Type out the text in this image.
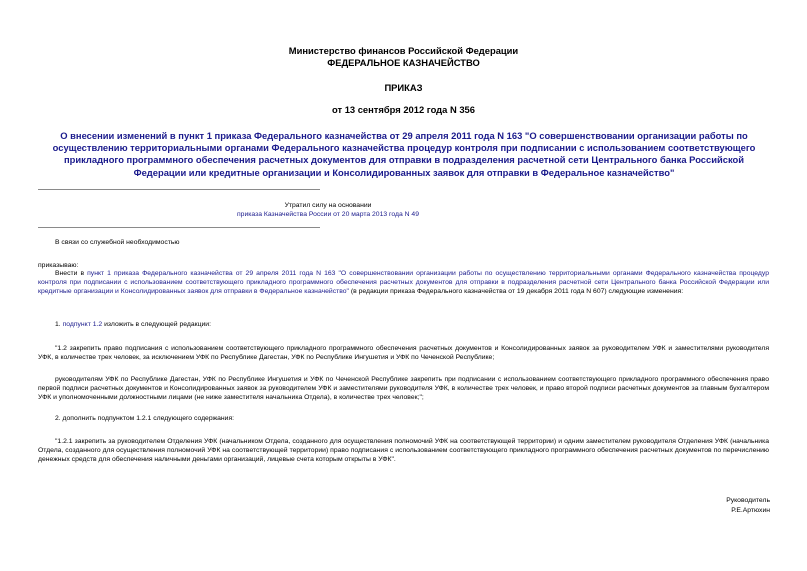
Министерство финансов Российской Федерации
ФЕДЕРАЛЬНОЕ КАЗНАЧЕЙСТВО
ПРИКАЗ
от 13 сентября 2012 года N 356
О внесении изменений в пункт 1 приказа Федерального казначейства от 29 апреля 2011 года N 163 "О совершенствовании организации работы по осуществлению территориальными органами Федерального казначейства процедур контроля при подписании с использованием соответствующего прикладного программного обеспечения расчетных документов для отправки в подразделения расчетной сети Центрального банка Российской Федерации или кредитные организации и Консолидированных заявок для отправки в Федеральное казначейство"
Утратил силу на основании
приказа Казначейства России от 20 марта 2013 года N 49
В связи со служебной необходимостью
приказываю:
Внести в пункт 1 приказа Федерального казначейства от 29 апреля 2011 года N 163 "О совершенствовании организации работы по осуществлению территориальными органами Федерального казначейства процедур контроля при подписании с использованием соответствующего прикладного программного обеспечения расчетных документов для отправки в подразделения расчетной сети Центрального банка Российской Федерации или кредитные организации и Консолидированных заявок для отправки в Федеральное казначейство" (в редакции приказа Федерального казначейства от 19 декабря 2011 года N 607) следующие изменения:
1. подпункт 1.2 изложить в следующей редакции:
"1.2 закрепить право подписания с использованием соответствующего прикладного программного обеспечения расчетных документов и Консолидированных заявок за руководителем УФК и заместителями руководителя УФК, в количестве трех человек, за исключением УФК по Республике Дагестан, УФК по Республике Ингушетия и УФК по Чеченской Республике;
руководителям УФК по Республике Дагестан, УФК по Республике Ингушетия и УФК по Чеченской Республике закрепить при подписании с использованием соответствующего прикладного программного обеспечения право первой подписи расчетных документов и Консолидированных заявок за руководителем УФК и заместителями руководителя УФК, в количестве трех человек, и право второй подписи расчетных документов за главным бухгалтером УФК и уполномоченными должностными лицами (не ниже заместителя начальника Отдела), в количестве трех человек;";
2. дополнить подпунктом 1.2.1 следующего содержания:
"1.2.1 закрепить за руководителем Отделения УФК (начальником Отдела, созданного для осуществления полномочий УФК на соответствующей территории) и одним заместителем руководителя Отделения УФК (начальника Отдела, созданного для осуществления полномочий УФК на соответствующей территории) право подписания с использованием соответствующего прикладного программного обеспечения расчетных документов по перечислению денежных средств для обеспечения наличными деньгами организаций, лицевые счета которым открыты в УФК".
Руководитель
Р.Е.Артюхин
